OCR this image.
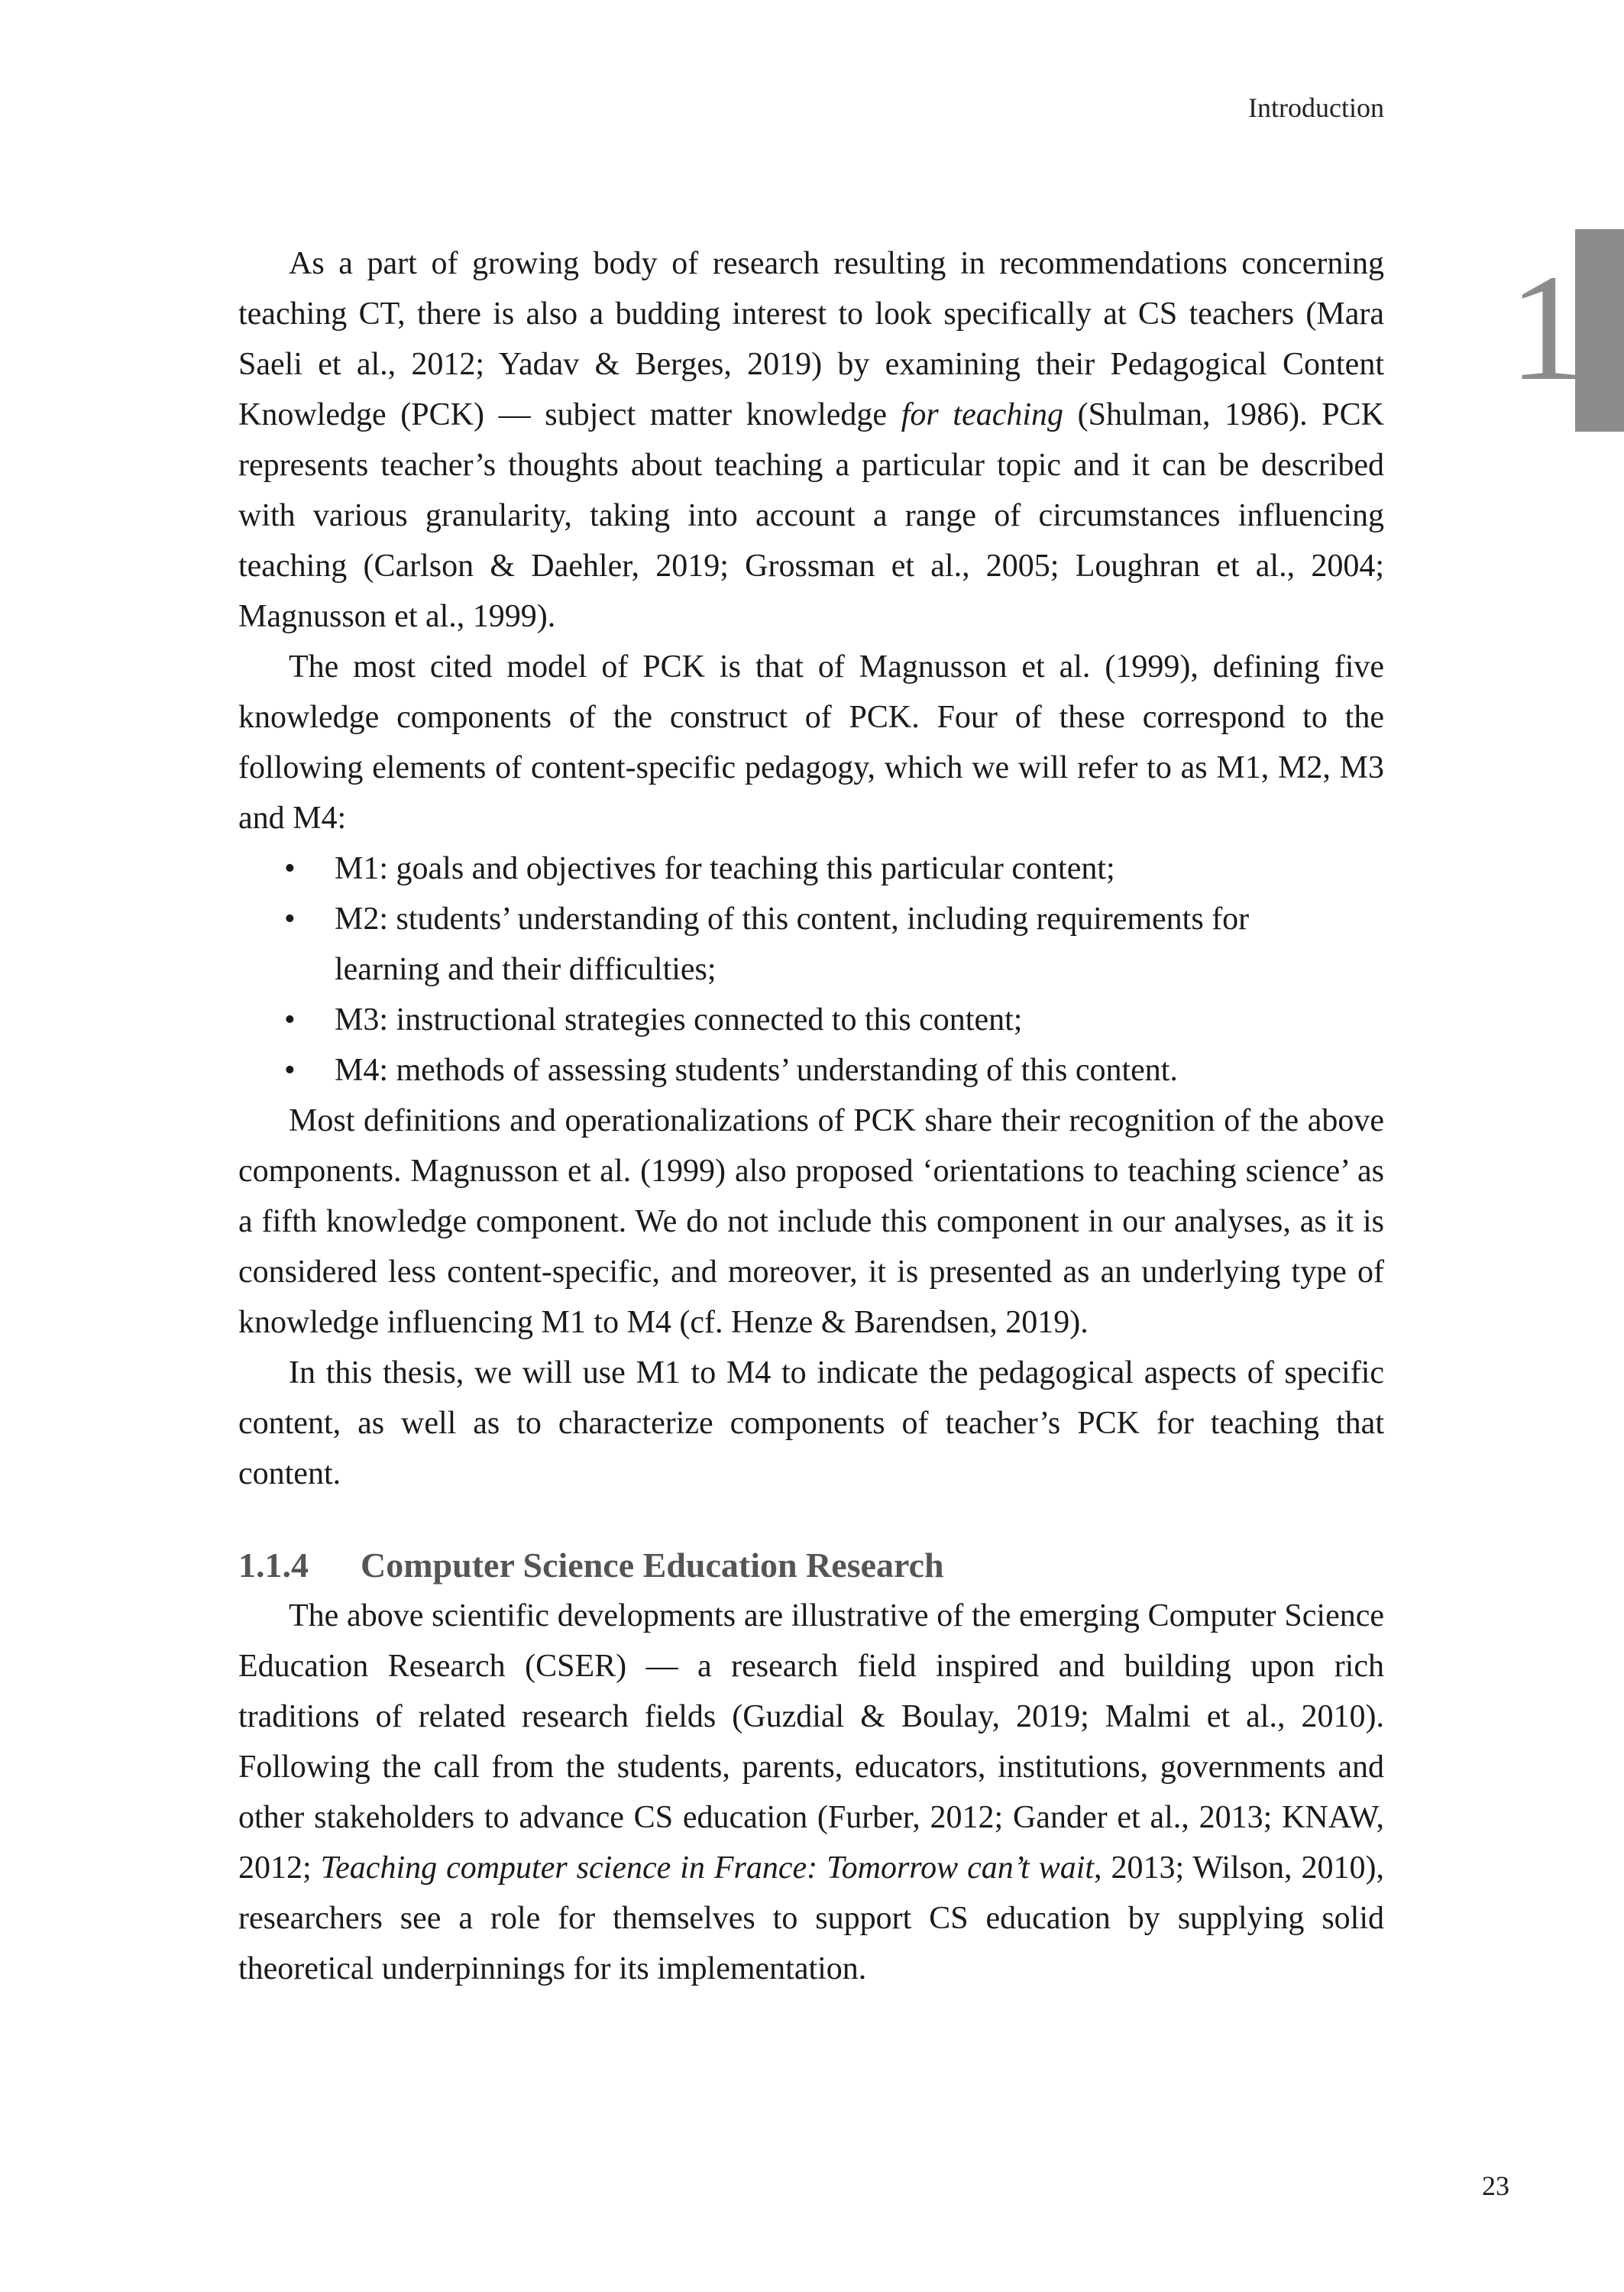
Introduction
1

As a part of growing body of research resulting in recommendations concerning teaching CT, there is also a budding interest to look specifically at CS teachers (Mara Saeli et al., 2012; Yadav & Berges, 2019) by examining their Pedagogical Content Knowledge (PCK) — subject matter knowledge for teaching (Shulman, 1986). PCK represents teacher’s thoughts about teaching a particular topic and it can be described with various granularity, taking into account a range of circumstances influencing teaching (Carlson & Daehler, 2019; Grossman et al., 2005; Loughran et al., 2004; Magnusson et al., 1999).

The most cited model of PCK is that of Magnusson et al. (1999), defining five knowledge components of the construct of PCK. Four of these correspond to the following elements of content-specific pedagogy, which we will refer to as M1, M2, M3 and M4:

• M1: goals and objectives for teaching this particular content;
• M2: students’ understanding of this content, including requirements for learning and their difficulties;
• M3: instructional strategies connected to this content;
• M4: methods of assessing students’ understanding of this content.

Most definitions and operationalizations of PCK share their recognition of the above components. Magnusson et al. (1999) also proposed ‘orientations to teaching science’ as a fifth knowledge component. We do not include this component in our analyses, as it is considered less content-specific, and moreover, it is presented as an underlying type of knowledge influencing M1 to M4 (cf. Henze & Barendsen, 2019).

In this thesis, we will use M1 to M4 to indicate the pedagogical aspects of specific content, as well as to characterize components of teacher’s PCK for teaching that content.

1.1.4 Computer Science Education Research

The above scientific developments are illustrative of the emerging Computer Science Education Research (CSER) — a research field inspired and building upon rich traditions of related research fields (Guzdial & Boulay, 2019; Malmi et al., 2010). Following the call from the students, parents, educators, institutions, governments and other stakeholders to advance CS education (Furber, 2012; Gander et al., 2013; KNAW, 2012; Teaching computer science in France: Tomorrow can’t wait, 2013; Wilson, 2010), researchers see a role for themselves to support CS education by supplying solid theoretical underpinnings for its implementation.

23
